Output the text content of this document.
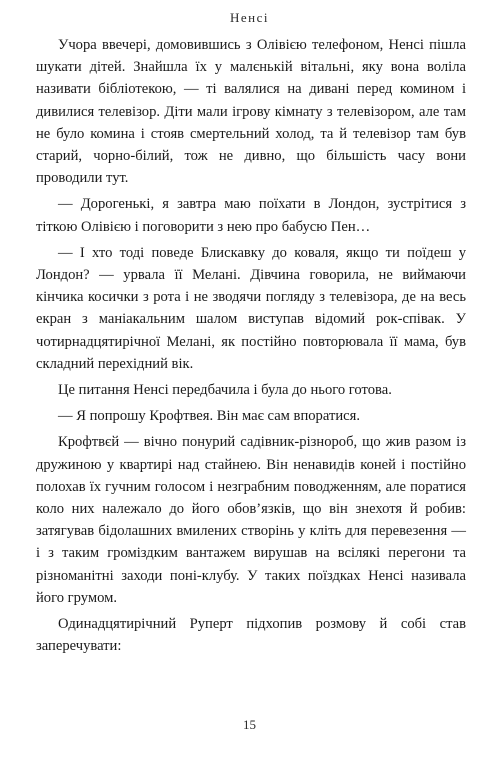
Ненсі

Учора ввечері, домовившись з Олівією телефоном, Ненсі пішла шукати дітей. Знайшла їх у малєнькій вітальні, яку вона воліла називати бібліотекою, — ті валялися на дивані перед комином і дивилися телевізор. Діти мали ігрову кімнату з телевізором, але там не було комина і стояв смертельний холод, та й телевізор там був старий, чорно-білий, тож не дивно, що більшість часу вони проводили тут.

— Дорогенькі, я завтра маю поїхати в Лондон, зустрітися з тіткою Олівією і поговорити з нею про бабусю Пен…

— І хто тоді поведе Блискавку до коваля, якщо ти поїдеш у Лондон? — урвала її Мелані. Дівчина говорила, не виймаючи кінчика косички з рота і не зводячи погляду з телевізора, де на весь екран з маніакальним шалом виступав відомий рок-співак. У чотирнадцятирічної Мелані, як постійно повторювала її мама, був складний перехідний вік.

Це питання Ненсі передбачила і була до нього готова.

— Я попрошу Крофтвея. Він має сам впоратися.

Крофтвєй — вічно понурий садівник-різнороб, що жив разом із дружиною у квартирі над стайнею. Він ненавидів коней і постійно полохав їх гучним голосом і незграбним поводженням, але поратися коло них належало до його обов’язків, що він знехотя й робив: затягував бідолашних вмилених створінь у кліть для перевезення — і з таким громіздким вантажем вирушав на всілякі перегони та різноманітні заходи поні-клубу. У таких поїздках Ненсі називала його грумом.

Одинадцятирічний Руперт підхопив розмову й собі став заперечувати:

15
